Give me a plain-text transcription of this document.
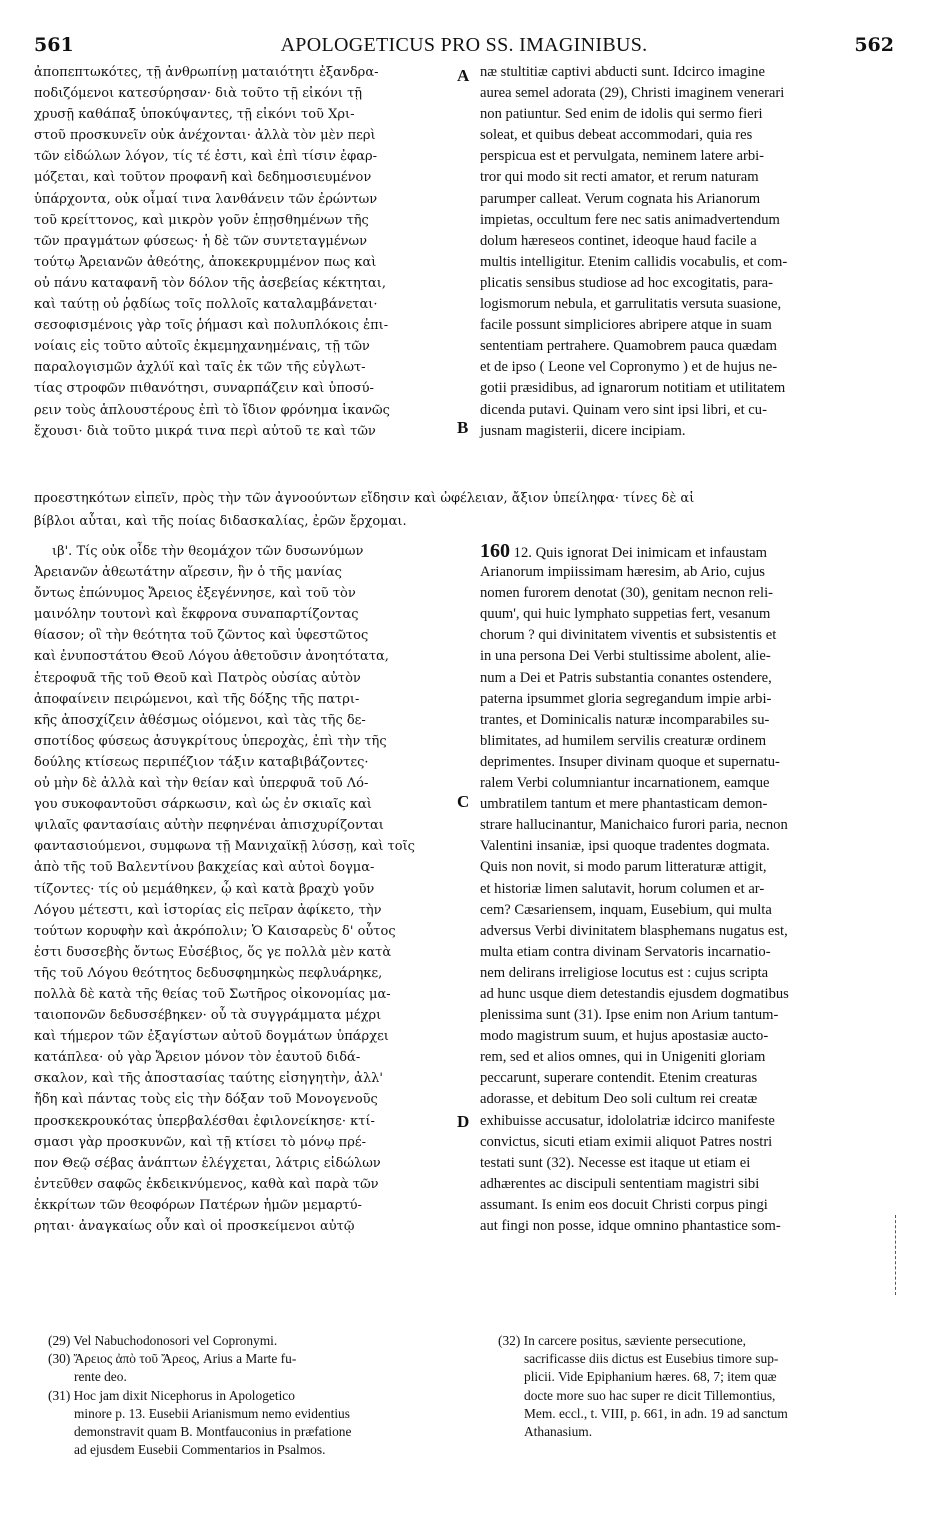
561	APOLOGETICUS PRO SS. IMAGINIBUS.	562
ἀποπεπτωκότες, τῇ ἀνθρωπίνῃ ματαιότητι ἐξανδρα-
ποδιζόμενοι κατεσύρησαν· διὰ τοῦτο τῇ εἰκόνι τῇ
χρυσῇ καθάπαξ ὑποκύψαντες, τῇ εἰκόνι τοῦ Χρι-
στοῦ προσκυνεῖν οὐκ ἀνέχονται· ἀλλὰ τὸν μὲν περὶ
τῶν εἰδώλων λόγον, τίς τέ ἐστι, καὶ ἐπὶ τίσιν ἐφαρ-
μόζεται, καὶ τοῦτον προφανῆ καὶ δεδημοσιευμένον
ὑπάρχοντα, οὐκ οἶμαί τινα λανθάνειν τῶν ἐρώντων
τοῦ κρείττονος, καὶ μικρὸν γοῦν ἐπῃσθημένων τῆς
τῶν πραγμάτων φύσεως· ἡ δὲ τῶν συντεταγμένων
τούτῳ Ἀρειανῶν ἀθεότης, ἀποκεκρυμμένον πως καὶ
οὐ πάνυ καταφανῆ τὸν δόλον τῆς ἀσεβείας κέκτηται,
καὶ ταύτῃ οὐ ῥᾳδίως τοῖς πολλοῖς καταλαμβάνεται·
σεσοφισμένοις γὰρ τοῖς ῥήμασι καὶ πολυπλόκοις ἐπι-
νοίαις εἰς τοῦτο αὐτοῖς ἐκμεμηχανημέναις, τῇ τῶν
παραλογισμῶν ἀχλύϊ καὶ ταῖς ἐκ τῶν τῆς εὐγλωτ-
τίας στροφῶν πιθανότησι, συναρπάζειν καὶ ὑποσύ-
ρειν τοὺς ἁπλουστέρους ἐπὶ τὸ ἴδιον φρόνημα ἱκανῶς
ἔχουσι· διὰ τοῦτο μικρά τινα περὶ αὐτοῦ τε καὶ τῶν
næ stultitiæ captivi abducti sunt. Idcirco imagine
aurea semel adorata (29), Christi imaginem venerari
non patiuntur. Sed enim de idolis qui sermo fieri
soleat, et quibus debeat accommodari, quia res
perspicua est et pervulgata, neminem latere arbi-
tror qui modo sit recti amator, et rerum naturam
parumper calleat. Verum cognata his Arianorum
impietas, occultum fere nec satis animadvertendum
dolum hæreseos continet, ideoque haud facile a
multis intelligitur. Etenim callidis vocabulis, et com-
plicatis sensibus studiose ad hoc excogitatis, para-
logismorum nebula, et garrulitatis versuta suasione,
facile possunt simpliciores abripere atque in suam
sententiam pertrahere. Quamobrem pauca quædam
et de ipso ( Leone vel Copronymo ) et de hujus ne-
gotii præsidibus, ad ignarorum notitiam et utilitatem
dicenda putavi. Quinam vero sint ipsi libri, et cu-
jusnam magisterii, dicere incipiam.
προεστηκότων εἰπεῖν, πρὸς τὴν τῶν ἀγνοούντων εἴδησιν καὶ ὠφέλειαν, ἄξιον ὑπείληφα· τίνες δὲ αἱ
βίβλοι αὗται, καὶ τῆς ποίας διδασκαλίας, ἐρῶν ἔρχομαι.
ιβ'. Τίς οὐκ οἶδε τὴν θεομάχον τῶν δυσωνύμων
Ἀρειανῶν ἀθεωτάτην αἵρεσιν, ἣν ὁ τῆς μανίας
ὄντως ἐπώνυμος Ἄρειος ἐξεγέννησε, καὶ τοῦ τὸν
μαινόλην τουτονὶ καὶ ἔκφρονα συναπαρτίζοντας
θίασον; οἳ τὴν θεότητα τοῦ ζῶντος καὶ ὑφεστῶτος
καὶ ἐνυποστάτου Θεοῦ Λόγου ἀθετοῦσιν ἀνοητότατα,
ἑτεροφυᾶ τῆς τοῦ Θεοῦ καὶ Πατρὸς οὐσίας αὐτὸν
ἀποφαίνειν πειρώμενοι, καὶ τῆς δόξης τῆς πατρι-
κῆς ἀποσχίζειν ἀθέσμως οἰόμενοι, καὶ τὰς τῆς δε-
σποτίδος φύσεως ἀσυγκρίτους ὑπεροχὰς, ἐπὶ τὴν τῆς
δούλης κτίσεως περιπέζιον τάξιν καταβιβάζοντες·
οὐ μὴν δὲ ἀλλὰ καὶ τὴν θείαν καὶ ὑπερφυᾶ τοῦ Λό-
γου συκοφαντοῦσι σάρκωσιν, καὶ ὡς ἐν σκιαῖς καὶ
ψιλαῖς φαντασίαις αὐτὴν πεφηνέναι ἀπισχυρίζονται
φαντασιούμενοι, συμφωνα τῇ Μανιχαϊκῇ λύσσῃ, καὶ τοῖς
ἀπὸ τῆς τοῦ Βαλεντίνου βακχείας καὶ αὐτοὶ δογμα-
τίζοντες· τίς οὐ μεμάθηκεν, ᾧ καὶ κατὰ βραχὺ γοῦν
Λόγου μέτεστι, καὶ ἱστορίας εἰς πεῖραν ἀφίκετο, τὴν
τούτων κορυφὴν καὶ ἀκρόπολιν; Ὁ Καισαρεὺς δ' οὗτος
ἐστι δυσσεβὴς ὄντως Εὐσέβιος, ὅς γε πολλὰ μὲν κατὰ
τῆς τοῦ Λόγου θεότητος δεδυσφημηκὼς πεφλυάρηκε,
πολλὰ δὲ κατὰ τῆς θείας τοῦ Σωτῆρος οἰκονομίας μα-
ταιοπονῶν δεδυσσέβηκεν· οὗ τὰ συγγράμματα μέχρι
καὶ τήμερον τῶν ἐξαγίστων αὐτοῦ δογμάτων ὑπάρχει
κατάπλεα· οὐ γὰρ Ἄρειον μόνον τὸν ἑαυτοῦ διδά-
σκαλον, καὶ τῆς ἀποστασίας ταύτης εἰσηγητὴν, ἀλλ'
ἤδη καὶ πάντας τοὺς εἰς τὴν δόξαν τοῦ Μονογενοῦς
προσκεκρουκότας ὑπερβαλέσθαι ἐφιλονείκησε· κτί-
σμασι γὰρ προσκυνῶν, καὶ τῇ κτίσει τὸ μόνῳ πρέ-
πον Θεῷ σέβας ἀνάπτων ἐλέγχεται, λάτρις εἰδώλων
ἐντεῦθεν σαφῶς ἐκδεικνύμενος, καθὰ καὶ παρὰ τῶν
ἐκκρίτων τῶν θεοφόρων Πατέρων ἡμῶν μεμαρτύ-
ρηται· ἀναγκαίως οὖν καὶ οἱ προσκείμενοι αὐτῷ
160 12. Quis ignorat Dei inimicam et infaustam
Arianorum impiissimam hæresim, ab Ario, cujus
nomen furorem denotat (30), genitam necnon reli-
quum', qui huic lymphato suppetias fert, vesanum
chorum ? qui divinitatem viventis et subsistentis et
in una persona Dei Verbi stultissime abolent, alie-
num a Dei et Patris substantia conantes ostendere,
paterna ipsummet gloria segregandum impie arbi-
trantes, et Dominicalis naturæ incomparabiles su-
blimitates, ad humilem servilis creaturæ ordinem
deprimentes. Insuper divinam quoque et supernatu-
ralem Verbi columniantur incarnationem, eamque
umbratilem tantum et mere phantasticam demon-
strare hallucinantur, Manichaico furori paria, necnon
Valentini insaniæ, ipsi quoque tradentes dogmata.
Quis non novit, si modo parum litteraturæ attigit,
et historiæ limen salutavit, horum columen et ar-
cem? Cæsariensem, inquam, Eusebium, qui multa
adversus Verbi divinitatem blasphemans nugatus est,
multa etiam contra divinam Servatoris incarnatio-
nem delirans irreligiose locutus est : cujus scripta
ad hunc usque diem detestandis ejusdem dogmatibus
plenissima sunt (31). Ipse enim non Arium tantum-
modo magistrum suum, et hujus apostasiæ aucto-
rem, sed et alios omnes, qui in Unigeniti gloriam
peccarunt, superare contendit. Etenim creaturas
adorasse, et debitum Deo soli cultum rei creatæ
exhibuisse accusatur, idololatriæ idcirco manifeste
convictus, sicuti etiam eximii aliquot Patres nostri
testati sunt (32). Necesse est itaque ut etiam ei
adhærentes ac discipuli sententiam magistri sibi
assumant. Is enim eos docuit Christi corpus pingi
aut fingi non posse, idque omnino phantastice som-
A
B
C
D
(29) Vel Nabuchodonosori vel Copronymi.
(30) Ἄρειος ἀπὸ τοῦ Ἄρεος, Arius a Marte fu-
rente deo.
(31) Hoc jam dixit Nicephorus in Apologetico
minore p. 13. Eusebii Arianismum nemo evidentius
demonstravit quam B. Montfauconius in præfatione
ad ejusdem Eusebii Commentarios in Psalmos.
(32) In carcere positus, sæviente persecutione,
sacrificasse diis dictus est Eusebius timore sup-
plicii. Vide Epiphanium hæres. 68, 7; item quæ
docte more suo hac super re dicit Tillemontius,
Mem. eccl., t. VIII, p. 661, in adn. 19 ad sanctum
Athanasium.
